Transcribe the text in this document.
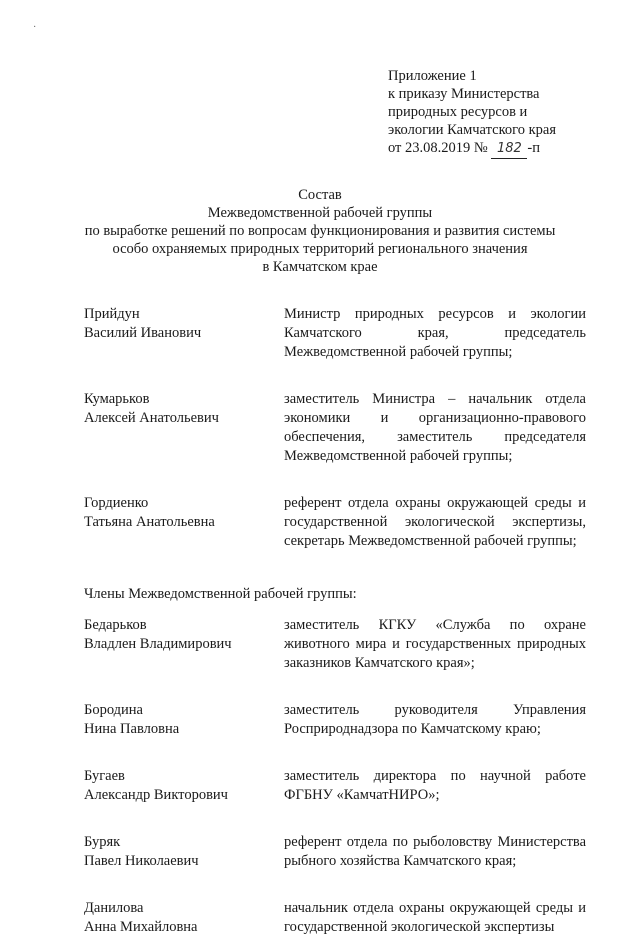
·
Приложение 1
к приказу Министерства
природных ресурсов и
экологии Камчатского края
от 23.08.2019 № 182 -п
Состав
Межведомственной рабочей группы
по выработке решений по вопросам функционирования и развития системы
особо охраняемых природных территорий регионального значения
в Камчатском крае
Прийдун
Василий Иванович
Министр природных ресурсов и экологии Камчатского края, председатель Межведомственной рабочей группы;
Кумарьков
Алексей Анатольевич
заместитель Министра – начальник отдела экономики и организационно-правового обеспечения, заместитель председателя Межведомственной рабочей группы;
Гордиенко
Татьяна Анатольевна
референт отдела охраны окружающей среды и государственной экологической экспертизы, секретарь Межведомственной рабочей группы;
Члены Межведомственной рабочей группы:
Бедарьков
Владлен Владимирович
заместитель КГКУ «Служба по охране животного мира и государственных природных заказников Камчатского края»;
Бородина
Нина Павловна
заместитель руководителя Управления Росприроднадзора по Камчатскому краю;
Бугаев
Александр Викторович
заместитель директора по научной работе ФГБНУ «КамчатНИРО»;
Буряк
Павел Николаевич
референт отдела по рыболовству Министерства рыбного хозяйства Камчатского края;
Данилова
Анна Михайловна
начальник отдела охраны окружающей среды и государственной экологической экспертизы
